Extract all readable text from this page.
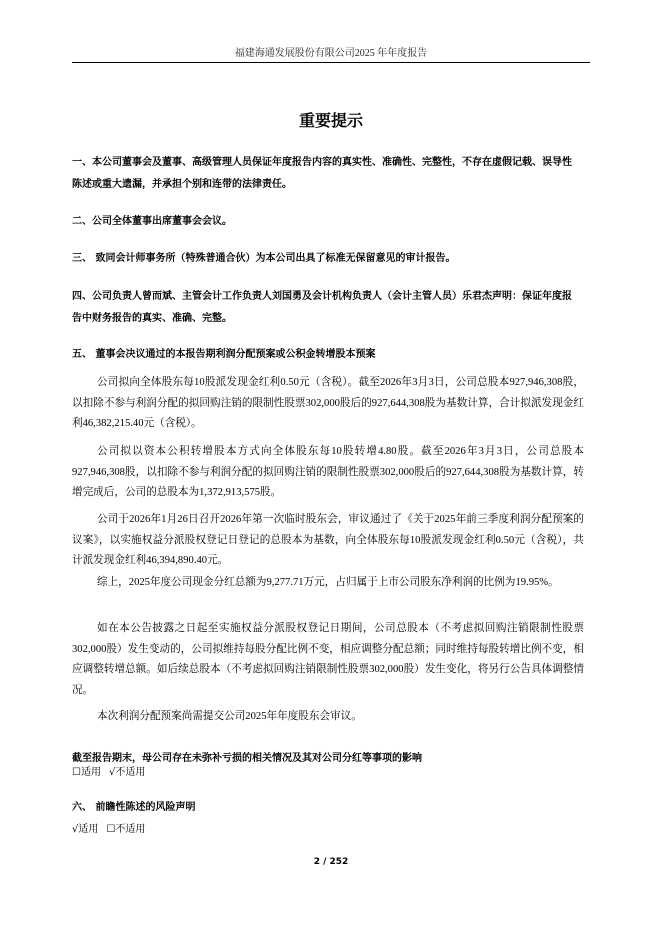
福建海通发展股份有限公司2025 年年度报告
重要提示
一、本公司董事会及董事、高级管理人员保证年度报告内容的真实性、准确性、完整性，不存在虚假记载、误导性陈述或重大遗漏，并承担个别和连带的法律责任。
二、公司全体董事出席董事会会议。
三、 致同会计师事务所（特殊普通合伙）为本公司出具了标准无保留意见的审计报告。
四、公司负责人曾而斌、主管会计工作负责人刘国勇及会计机构负责人（会计主管人员）乐君杰声明：保证年度报告中财务报告的真实、准确、完整。
五、 董事会决议通过的本报告期利润分配预案或公积金转增股本预案
公司拟向全体股东每10股派发现金红利0.50元（含税）。截至2026年3月3日，公司总股本927,946,308股，以扣除不参与利润分配的拟回购注销的限制性股票302,000股后的927,644,308股为基数计算，合计拟派发现金红利46,382,215.40元（含税）。
公司拟以资本公积转增股本方式向全体股东每10股转增4.80股。截至2026年3月3日，公司总股本927,946,308股，以扣除不参与利润分配的拟回购注销的限制性股票302,000股后的927,644,308股为基数计算，转增完成后，公司的总股本为1,372,913,575股。
公司于2026年1月26日召开2026年第一次临时股东会，审议通过了《关于2025年前三季度利润分配预案的议案》，以实施权益分派股权登记日登记的总股本为基数，向全体股东每10股派发现金红利0.50元（含税），共计派发现金红利46,394,890.40元。
综上，2025年度公司现金分红总额为9,277.71万元，占归属于上市公司股东净利润的比例为19.95%。
如在本公告披露之日起至实施权益分派股权登记日期间，公司总股本（不考虑拟回购注销限制性股票302,000股）发生变动的，公司拟维持每股分配比例不变，相应调整分配总额；同时维持每股转增比例不变，相应调整转增总额。如后续总股本（不考虑拟回购注销限制性股票302,000股）发生变化，将另行公告具体调整情况。
本次利润分配预案尚需提交公司2025年年度股东会审议。
截至报告期末，母公司存在未弥补亏损的相关情况及其对公司分红等事项的影响
☐适用 √不适用
六、 前瞻性陈述的风险声明
√适用 ☐不适用
2 / 252
